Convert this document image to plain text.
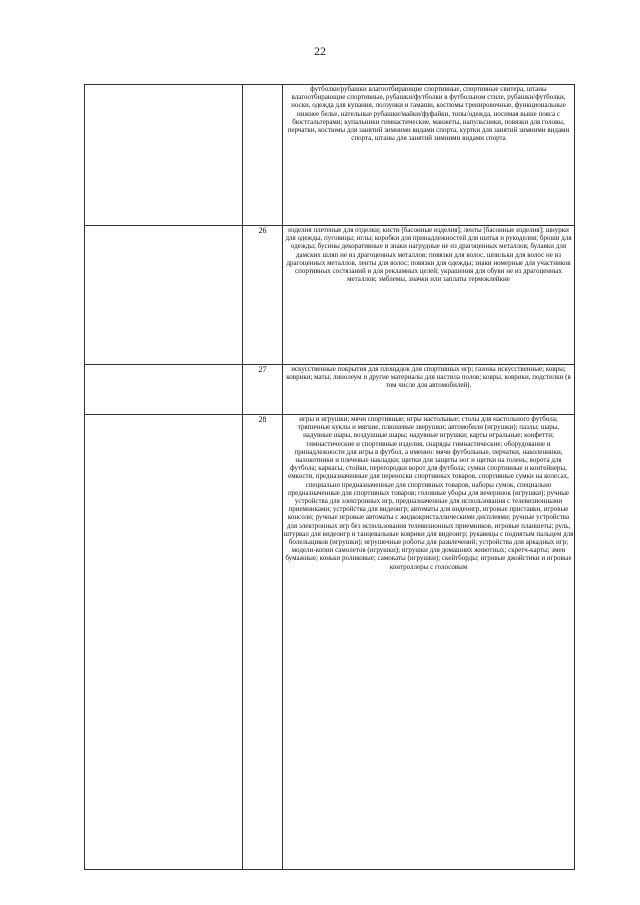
22
		футболки/рубашки влагоотбирающие спортивные, спортивные свитера, штаны влагоотбирающие спортивные, рубашки/футболки в футбольном стиле, рубашки/футболки, носки, одежда для купания, ползунки и гамаши, костюмы тренировочные, функциональные нижнее белье, нательные рубашки/майки/фуфайки, топы/одежда, носимая выше пояса с бюстгальтерами; купальники гимнастические, манжеты, напульсники, повязки для головы, перчатки, костюмы для занятий зимними видами спорта, куртки для занятий зимними видами спорта, штаны для занятий зимними видами спорта
	26	изделия плетеные для отделки; кисти [басонные изделия]; ленты [басонные изделия]; шнурки для одежды, пуговицы; иглы; коробки для принадлежностей для шитья и рукоделия; броши для одежды; бусины декоративные и знаки нагрудные не из драгоценных металлов; булавки для дамских шляп не из драгоценных металлов; повязки для волос, шпильки для волос не из драгоценных металлов, ленты для волос; повязки для одежды; знаки номерные для участников спортивных состязаний и для рекламных целей; украшения для обуви не из драгоценных металлов; эмблемы, значки или заплаты термоклейкие
	27	искусственные покрытия для площадок для спортивных игр; газоны искусственные; ковры; коврики; маты; линолеум и другие материалы для настила полов; ковры, коврики, подстилки (в том числе для автомобилей).
	28	игры и игрушки; мячи спортивные; игры настольные; столы для настольного футбола; тряпичные куклы и мягкие, плюшевые зверушки; автомобили (игрушки); пазлы; шары, надувные шары, воздушные шары; надувные игрушки; карты игральные; конфетти; гимнастические и спортивные изделия, снаряды гимнастические; оборудование и принадлежности для игры в футбол, а именно: мячи футбольные, перчатки, наколенники, налокотники и плечевые накладки; щитки для защиты ног и щитки на голень; ворота для футбола; каркасы, стойки, перегородки ворот для футбола; сумки спортивные и контейнеры, емкости, предназначенные для переноски спортивных товаров, спортивные сумки на колесах, специально предназначенные для спортивных товаров, наборы сумок, специально предназначенные для спортивных товаров; головные уборы для вечеринок (игрушки); ручные устройства для электронных игр, предназначенные для использования с телевизионными приемниками; устройства для видеоигр; автоматы для видеоигр, игровые приставки, игровые консоли; ручные игровые автоматы с жидкокристаллическими дисплеями; ручные устройства для электронных игр без использования телевизионных приемников, игровые планшеты; руль, штурвал для видеоигр и танцевальные коврики для видеоигр; рукавицы с поднятым пальцем для болельщиков (игрушки); игрушечные роботы для развлечений; устройства для аркадных игр; модели-копии самолетов (игрушки); игрушки для домашних животных; скретч-карты; змеи бумажные; коньки роликовые; самокаты (игрушки); скейтборды; игровые джойстики и игровые контроллеры с голосовым
